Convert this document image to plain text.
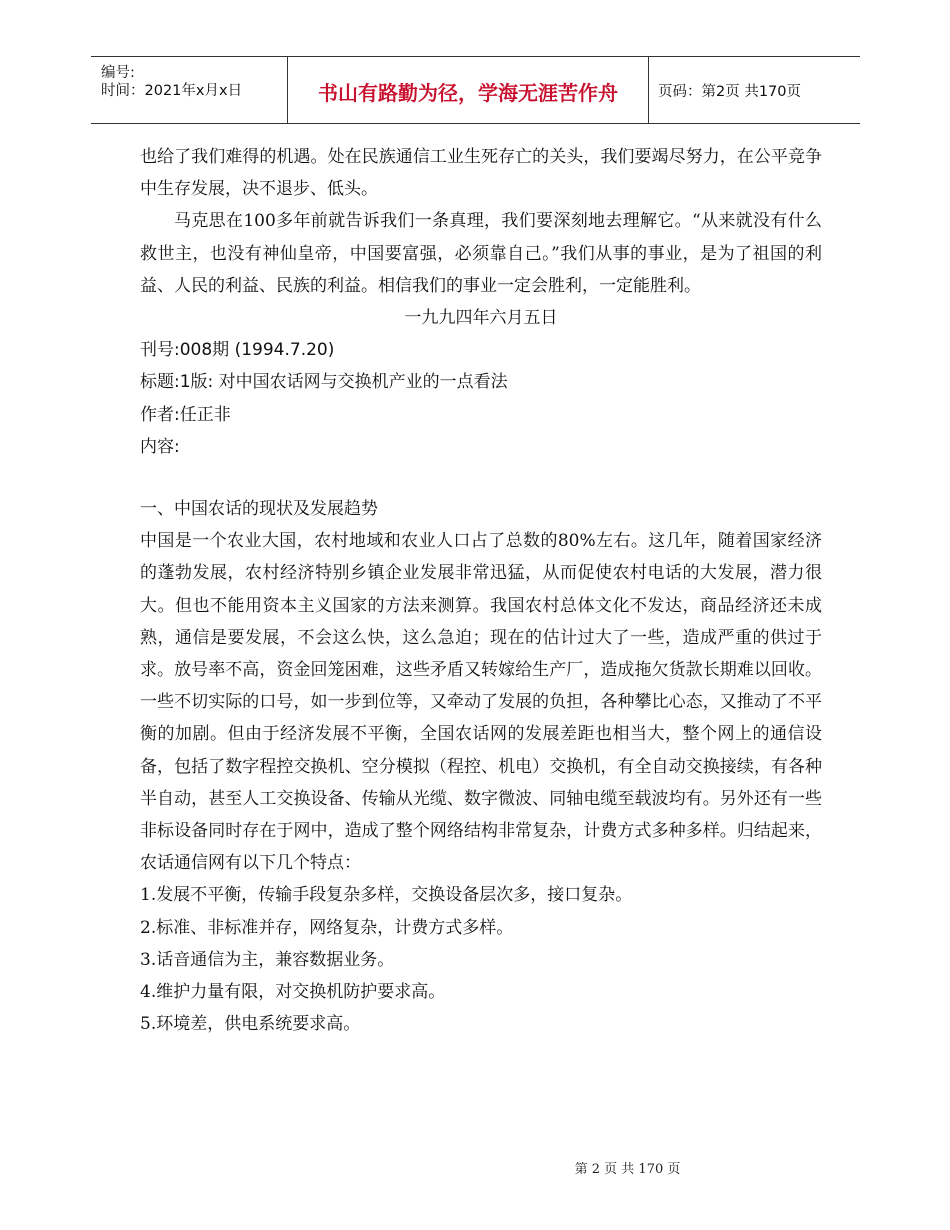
编号:
时间：2021年x月x日	书山有路勤为径，学海无涯苦作舟	页码：第2页 共170页

也给了我们难得的机遇。处在民族通信工业生死存亡的关头，我们要竭尽努力，在公平竞争中生存发展，决不退步、低头。

马克思在100多年前就告诉我们一条真理，我们要深刻地去理解它。“从来就没有什么救世主，也没有神仙皇帝，中国要富强，必须靠自己。”我们从事的事业，是为了祖国的利益、人民的利益、民族的利益。相信我们的事业一定会胜利，一定能胜利。

一九九四年六月五日

刊号:008期 (1994.7.20)

标题:1版: 对中国农话网与交换机产业的一点看法

作者:任正非

内容:

一、中国农话的现状及发展趋势

中国是一个农业大国，农村地域和农业人口占了总数的80%左右。这几年，随着国家经济的蓬勃发展，农村经济特别乡镇企业发展非常迅猛，从而促使农村电话的大发展，潜力很大。但也不能用资本主义国家的方法来测算。我国农村总体文化不发达，商品经济还未成熟，通信是要发展，不会这么快，这么急迫；现在的估计过大了一些，造成严重的供过于求。放号率不高，资金回笼困难，这些矛盾又转嫁给生产厂，造成拖欠货款长期难以回收。一些不切实际的口号，如一步到位等，又牵动了发展的负担，各种攀比心态，又推动了不平衡的加剧。但由于经济发展不平衡，全国农话网的发展差距也相当大，整个网上的通信设备，包括了数字程控交换机、空分模拟（程控、机电）交换机，有全自动交换接续，有各种半自动，甚至人工交换设备、传输从光缆、数字微波、同轴电缆至载波均有。另外还有一些非标设备同时存在于网中，造成了整个网络结构非常复杂，计费方式多种多样。归结起来，农话通信网有以下几个特点：

1.发展不平衡，传输手段复杂多样，交换设备层次多，接口复杂。

2.标准、非标准并存，网络复杂，计费方式多样。

3.话音通信为主，兼容数据业务。

4.维护力量有限，对交换机防护要求高。

5.环境差，供电系统要求高。

第 2 页 共 170 页
